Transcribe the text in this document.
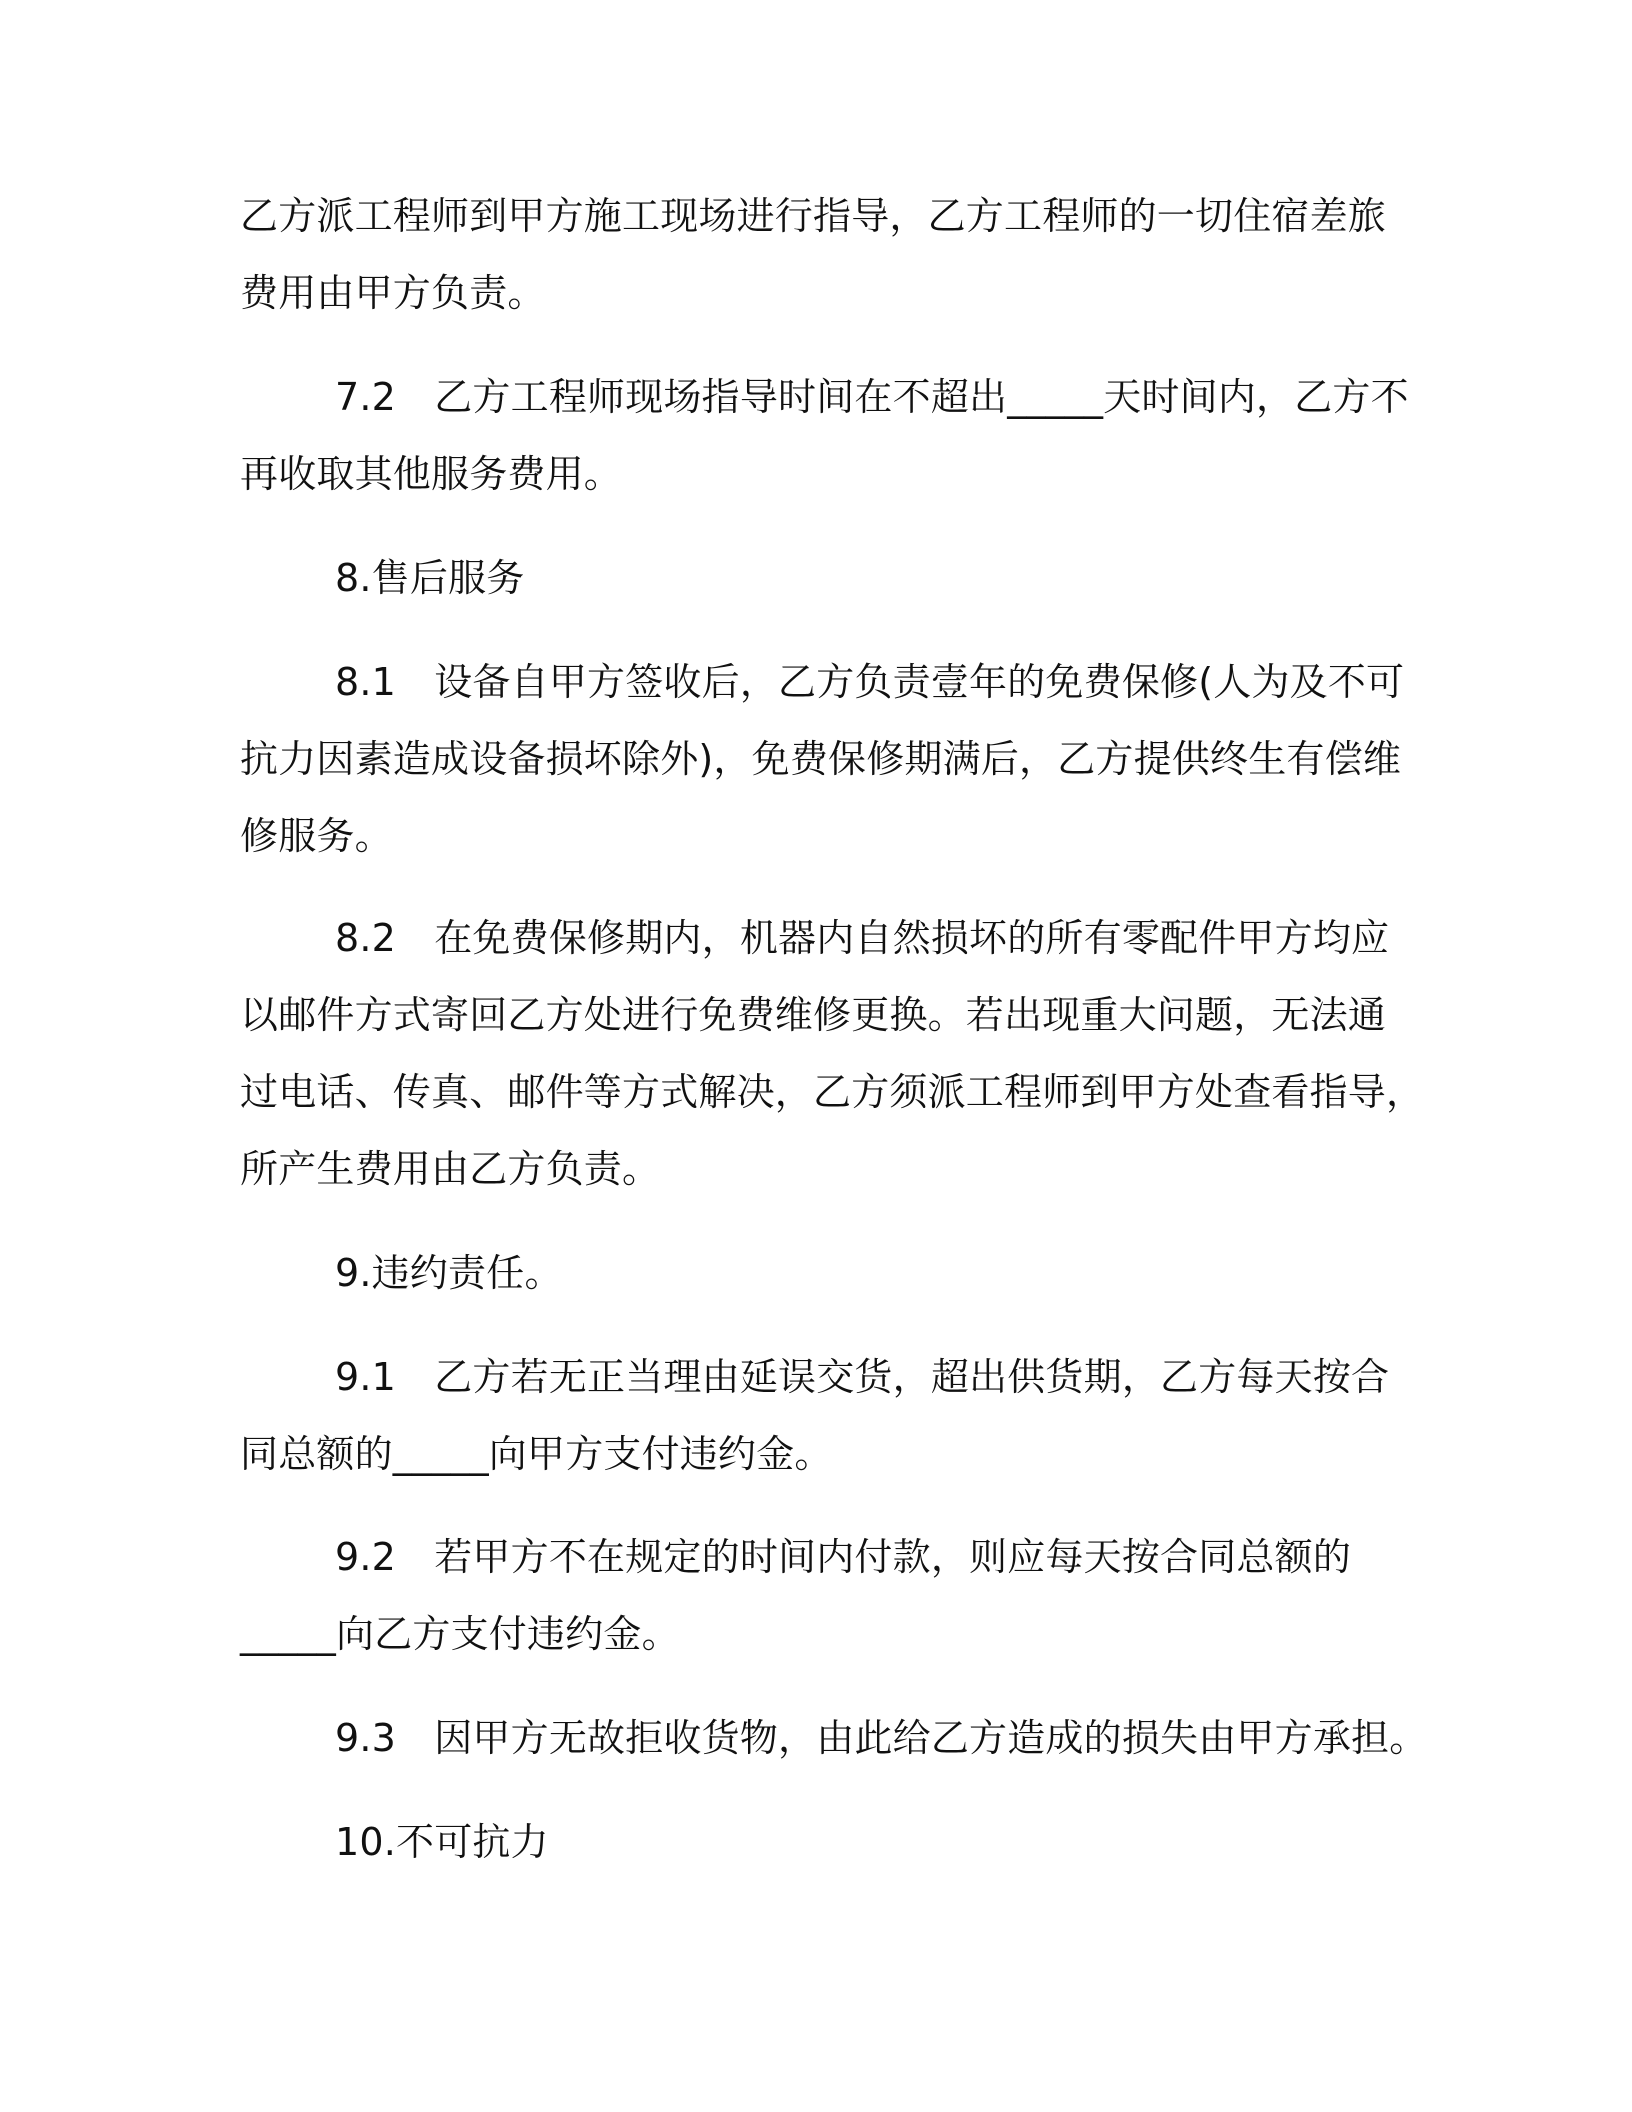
乙方派工程师到甲方施工现场进行指导，乙方工程师的一切住宿差旅
费用由甲方负责。
7.2　乙方工程师现场指导时间在不超出_____天时间内，乙方不
再收取其他服务费用。
8.售后服务
8.1　设备自甲方签收后，乙方负责壹年的免费保修(人为及不可
抗力因素造成设备损坏除外)，免费保修期满后，乙方提供终生有偿维
修服务。
8.2　在免费保修期内，机器内自然损坏的所有零配件甲方均应
以邮件方式寄回乙方处进行免费维修更换。若出现重大问题，无法通
过电话、传真、邮件等方式解决，乙方须派工程师到甲方处查看指导，
所产生费用由乙方负责。
9.违约责任。
9.1　乙方若无正当理由延误交货，超出供货期，乙方每天按合
同总额的_____向甲方支付违约金。
9.2　若甲方不在规定的时间内付款，则应每天按合同总额的
_____向乙方支付违约金。
9.3　因甲方无故拒收货物，由此给乙方造成的损失由甲方承担。
10.不可抗力
